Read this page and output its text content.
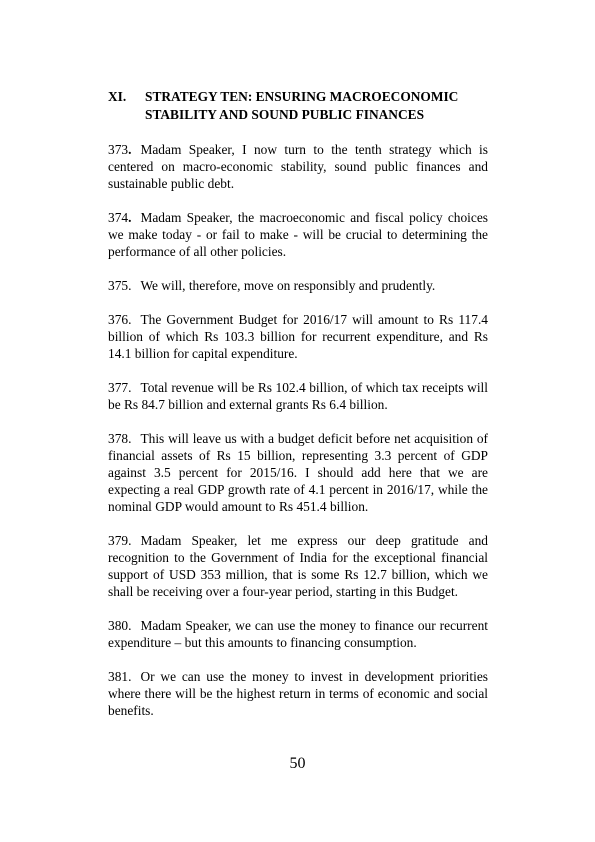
XI.	STRATEGY TEN: ENSURING MACROECONOMIC STABILITY AND SOUND PUBLIC FINANCES

373. Madam Speaker, I now turn to the tenth strategy which is centered on macro-economic stability, sound public finances and sustainable public debt.

374. Madam Speaker, the macroeconomic and fiscal policy choices we make today - or fail to make - will be crucial to determining the performance of all other policies.

375. We will, therefore, move on responsibly and prudently.

376. The Government Budget for 2016/17 will amount to Rs 117.4 billion of which Rs 103.3 billion for recurrent expenditure, and Rs 14.1 billion for capital expenditure.

377. Total revenue will be Rs 102.4 billion, of which tax receipts will be Rs 84.7 billion and external grants Rs 6.4 billion.

378. This will leave us with a budget deficit before net acquisition of financial assets of Rs 15 billion, representing 3.3 percent of GDP against 3.5 percent for 2015/16. I should add here that we are expecting a real GDP growth rate of 4.1 percent in 2016/17, while the nominal GDP would amount to Rs 451.4 billion.

379. Madam Speaker, let me express our deep gratitude and recognition to the Government of India for the exceptional financial support of USD 353 million, that is some Rs 12.7 billion, which we shall be receiving over a four-year period, starting in this Budget.

380. Madam Speaker, we can use the money to finance our recurrent expenditure – but this amounts to financing consumption.

381. Or we can use the money to invest in development priorities where there will be the highest return in terms of economic and social benefits.

50
